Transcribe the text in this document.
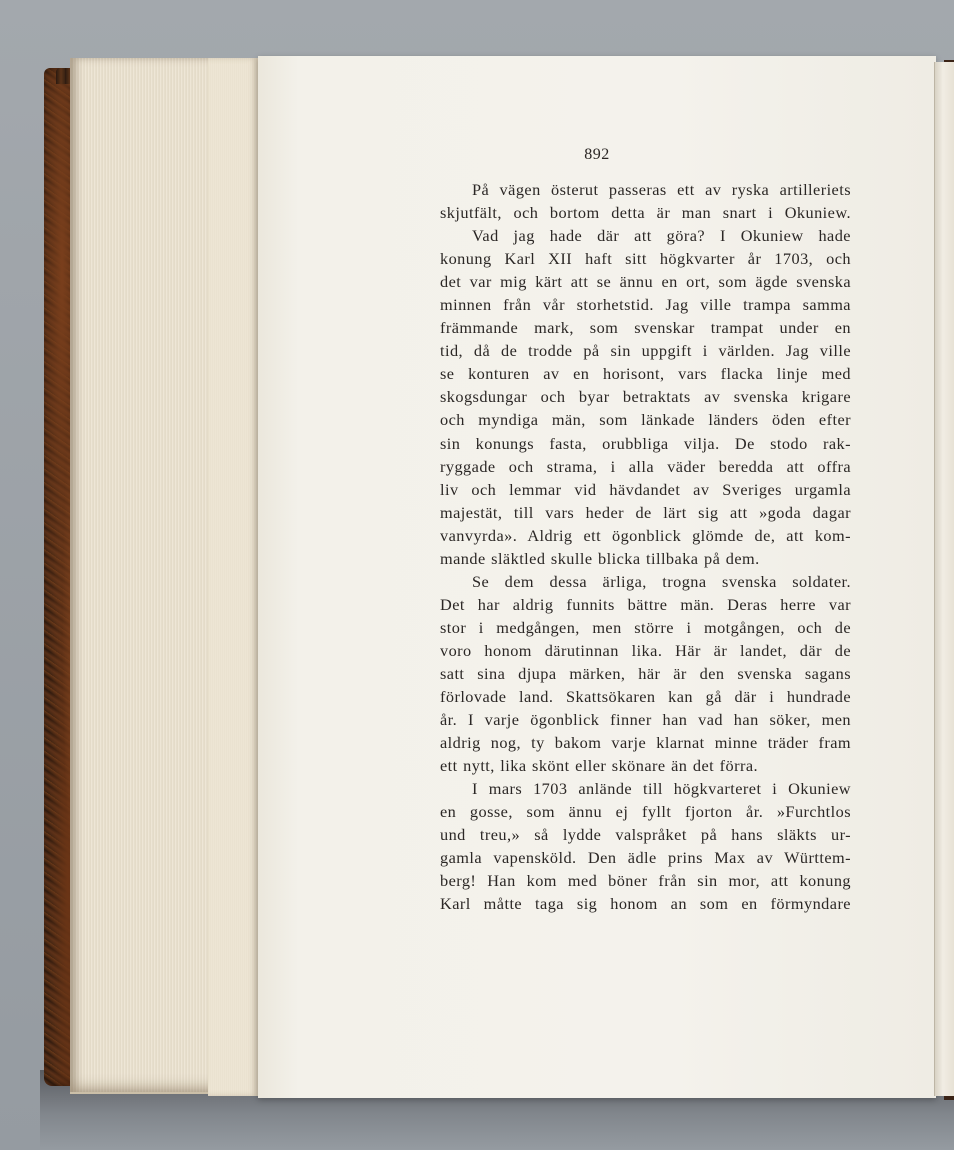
892
På vägen österut passeras ett av ryska artilleriets
skjutfält, och bortom detta är man snart i Okuniew.
Vad jag hade där att göra? I Okuniew hade
konung Karl XII haft sitt högkvarter år 1703, och
det var mig kärt att se ännu en ort, som ägde svenska
minnen från vår storhetstid. Jag ville trampa samma
främmande mark, som svenskar trampat under en
tid, då de trodde på sin uppgift i världen. Jag ville
se konturen av en horisont, vars flacka linje med
skogsdungar och byar betraktats av svenska krigare
och myndiga män, som länkade länders öden efter
sin konungs fasta, orubbliga vilja. De stodo rak-
ryggade och strama, i alla väder beredda att offra
liv och lemmar vid hävdandet av Sveriges urgamla
majestät, till vars heder de lärt sig att »goda dagar
vanvyrda». Aldrig ett ögonblick glömde de, att kom-
mande släktled skulle blicka tillbaka på dem.
Se dem dessa ärliga, trogna svenska soldater.
Det har aldrig funnits bättre män. Deras herre var
stor i medgången, men större i motgången, och de
voro honom därutinnan lika. Här är landet, där de
satt sina djupa märken, här är den svenska sagans
förlovade land. Skattsökaren kan gå där i hundrade
år. I varje ögonblick finner han vad han söker, men
aldrig nog, ty bakom varje klarnat minne träder fram
ett nytt, lika skönt eller skönare än det förra.
I mars 1703 anlände till högkvarteret i Okuniew
en gosse, som ännu ej fyllt fjorton år. »Furchtlos
und treu,» så lydde valspråket på hans släkts ur-
gamla vapensköld. Den ädle prins Max av Württem-
berg! Han kom med böner från sin mor, att konung
Karl måtte taga sig honom an som en förmyndare
